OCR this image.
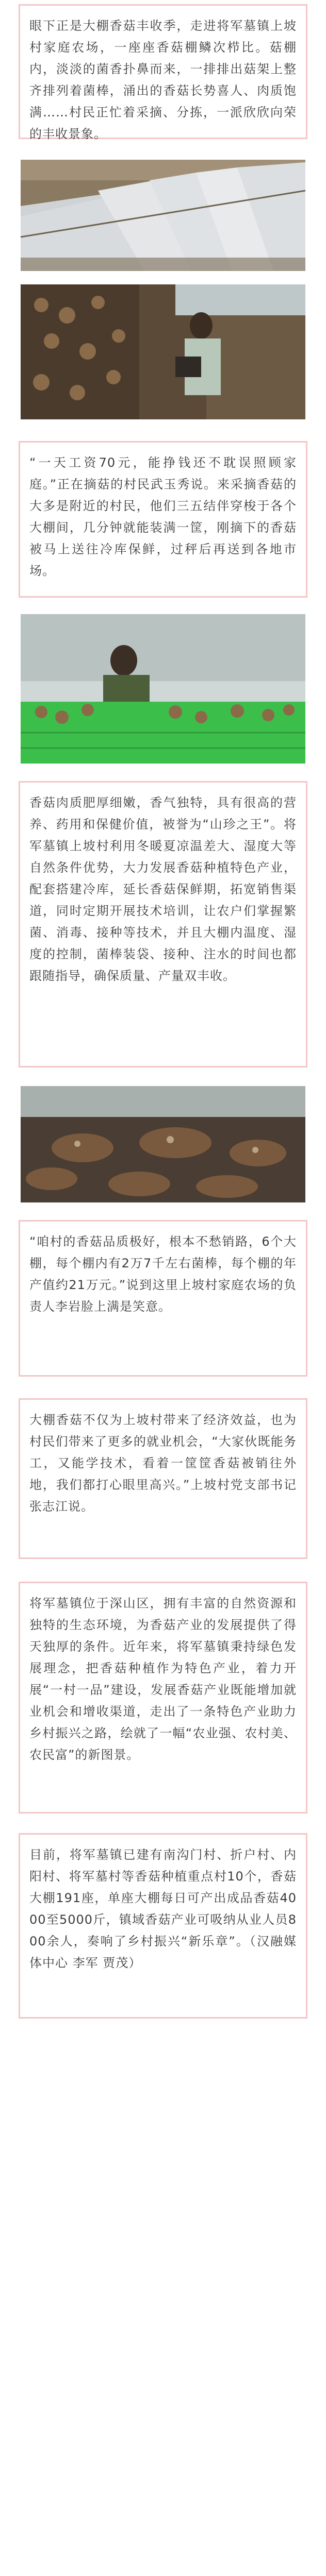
眼下正是大棚香菇丰收季，走进将军墓镇上坡村家庭农场，一座座香菇棚鳞次栉比。菇棚内，淡淡的菌香扑鼻而来，一排排出菇架上整齐排列着菌棒，涌出的香菇长势喜人、肉质饱满……村民正忙着采摘、分拣，一派欣欣向荣的丰收景象。

“一天工资70元，能挣钱还不耽误照顾家庭。”正在摘菇的村民武玉秀说。来采摘香菇的大多是附近的村民，他们三五结伴穿梭于各个大棚间，几分钟就能装满一筐，刚摘下的香菇被马上送往冷库保鲜，过秤后再送到各地市场。

香菇肉质肥厚细嫩，香气独特，具有很高的营养、药用和保健价值，被誉为“山珍之王”。将军墓镇上坡村利用冬暖夏凉温差大、湿度大等自然条件优势，大力发展香菇种植特色产业，配套搭建冷库，延长香菇保鲜期，拓宽销售渠道，同时定期开展技术培训，让农户们掌握繁菌、消毒、接种等技术，并且大棚内温度、湿度的控制，菌棒装袋、接种、注水的时间也都跟随指导，确保质量、产量双丰收。

“咱村的香菇品质极好，根本不愁销路，6个大棚，每个棚内有2万7千左右菌棒，每个棚的年产值约21万元。”说到这里上坡村家庭农场的负责人李岩脸上满是笑意。

大棚香菇不仅为上坡村带来了经济效益，也为村民们带来了更多的就业机会，“大家伙既能务工，又能学技术，看着一筐筐香菇被销往外地，我们都打心眼里高兴。”上坡村党支部书记张志江说。

将军墓镇位于深山区，拥有丰富的自然资源和独特的生态环境，为香菇产业的发展提供了得天独厚的条件。近年来，将军墓镇秉持绿色发展理念，把香菇种植作为特色产业，着力开展“一村一品”建设，发展香菇产业既能增加就业机会和增收渠道，走出了一条特色产业助力乡村振兴之路，绘就了一幅“农业强、农村美、农民富”的新图景。

目前，将军墓镇已建有南沟门村、折户村、内阳村、将军墓村等香菇种植重点村10个，香菇大棚191座，单座大棚每日可产出成品香菇4000至5000斤，镇域香菇产业可吸纳从业人员800余人，奏响了乡村振兴“新乐章”。（汉融媒体中心 李军 贾茂）
